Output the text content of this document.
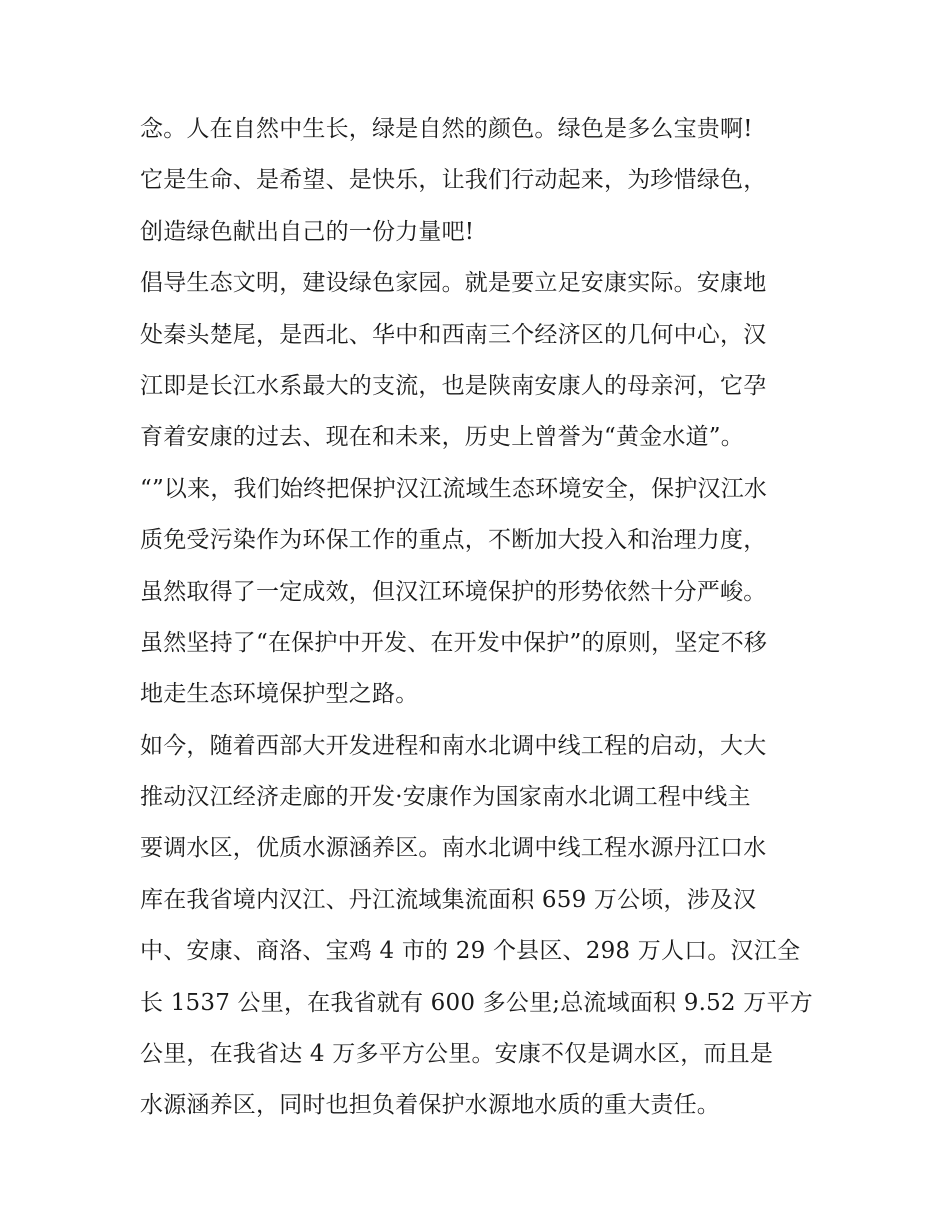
念。人在自然中生长，绿是自然的颜色。绿色是多么宝贵啊!
它是生命、是希望、是快乐，让我们行动起来，为珍惜绿色，
创造绿色献出自己的一份力量吧!
倡导生态文明，建设绿色家园。就是要立足安康实际。安康地
处秦头楚尾，是西北、华中和西南三个经济区的几何中心，汉
江即是长江水系最大的支流，也是陕南安康人的母亲河，它孕
育着安康的过去、现在和未来，历史上曾誉为“黄金水道”。
“”以来，我们始终把保护汉江流域生态环境安全，保护汉江水
质免受污染作为环保工作的重点，不断加大投入和治理力度，
虽然取得了一定成效，但汉江环境保护的形势依然十分严峻。
虽然坚持了“在保护中开发、在开发中保护”的原则，坚定不移
地走生态环境保护型之路。
如今，随着西部大开发进程和南水北调中线工程的启动，大大
推动汉江经济走廊的开发·安康作为国家南水北调工程中线主
要调水区，优质水源涵养区。南水北调中线工程水源丹江口水
库在我省境内汉江、丹江流域集流面积 659 万公顷，涉及汉
中、安康、商洛、宝鸡 4 市的 29 个县区、298 万人口。汉江全
长 1537 公里，在我省就有 600 多公里;总流域面积 9.52 万平方
公里，在我省达 4 万多平方公里。安康不仅是调水区，而且是
水源涵养区，同时也担负着保护水源地水质的重大责任。
